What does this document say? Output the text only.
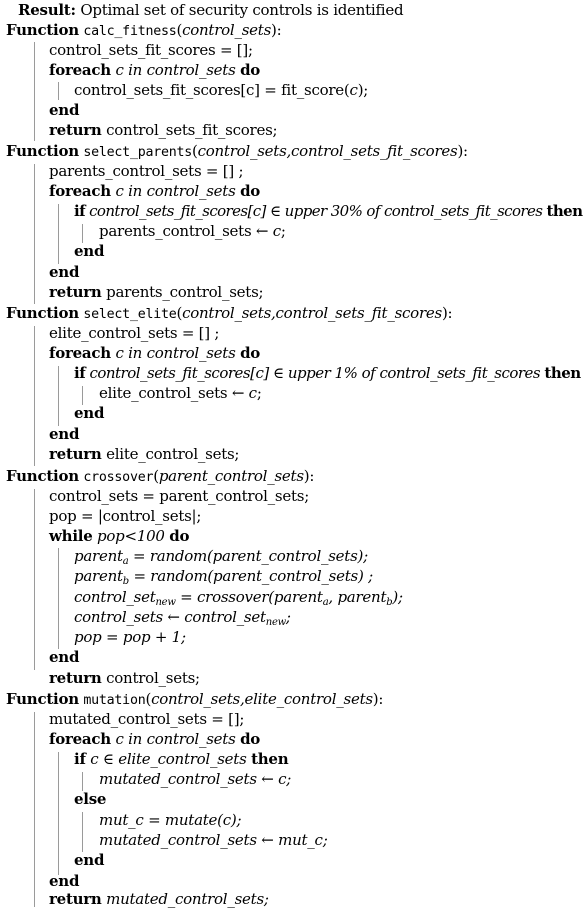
Result: Optimal set of security controls is identified
Function calc_fitness(control_sets):
control_sets_fit_scores = [];
foreach c in control_sets do
control_sets_fit_scores[c] = fit_score(c);
end
return control_sets_fit_scores;
Function select_parents(control_sets,control_sets_fit_scores):
parents_control_sets = [] ;
foreach c in control_sets do
if control_sets_fit_scores[c] ∈ upper 30% of control_sets_fit_scores then
parents_control_sets ← c;
end
end
return parents_control_sets;
Function select_elite(control_sets,control_sets_fit_scores):
elite_control_sets = [] ;
foreach c in control_sets do
if control_sets_fit_scores[c] ∈ upper 1% of control_sets_fit_scores then
elite_control_sets ← c;
end
end
return elite_control_sets;
Function crossover(parent_control_sets):
control_sets = parent_control_sets;
pop = |control_sets|;
while pop<100 do
parent$_a$ = random(parent_control_sets);
parent$_b$ = random(parent_control_sets) ;
control_set$_{new}$ = crossover(parent$_a$, parent$_b$);
control_sets ← control_set$_{new}$;
pop = pop + 1;
end
return control_sets;
Function mutation(control_sets,elite_control_sets):
mutated_control_sets = [];
foreach c in control_sets do
if c ∈ elite_control_sets then
mutated_control_sets ← c;
else
mut_c = mutate(c);
mutated_control_sets ← mut_c;
end
end
return mutated_control_sets;
